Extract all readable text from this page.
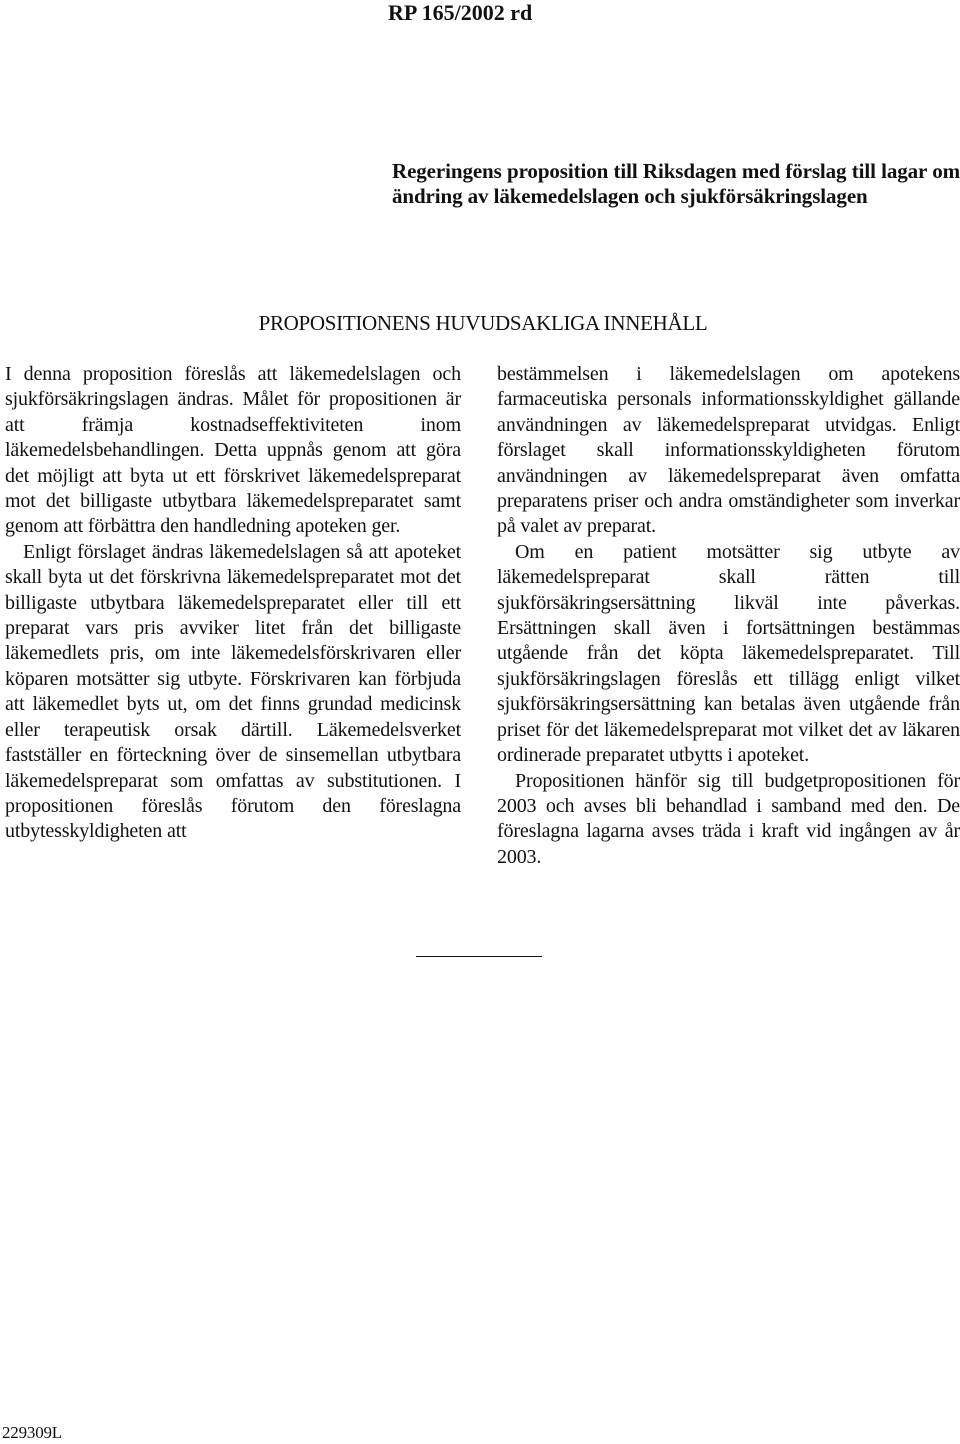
RP 165/2002 rd
Regeringens proposition till Riksdagen med förslag till lagar om ändring av läkemedelslagen och sjukförsäkringslagen
PROPOSITIONENS HUVUDSAKLIGA INNEHÅLL

I denna proposition föreslås att läkemedelslagen och sjukförsäkringslagen ändras. Målet för propositionen är att främja kostnadseffektiviteten inom läkemedelsbehandlingen. Detta uppnås genom att göra det möjligt att byta ut ett förskrivet läkemedelspreparat mot det billigaste utbytbara läkemedelspreparatet samt genom att förbättra den handledning apoteken ger.

Enligt förslaget ändras läkemedelslagen så att apoteket skall byta ut det förskrivna läkemedelspreparatet mot det billigaste utbytbara läkemedelspreparatet eller till ett preparat vars pris avviker litet från det billigaste läkemedlets pris, om inte läkemedelsförskrivaren eller köparen motsätter sig utbyte. Förskrivaren kan förbjuda att läkemedlet byts ut, om det finns grundad medicinsk eller terapeutisk orsak därtill. Läkemedelsverket fastställer en förteckning över de sinsemellan utbytbara läkemedelspreparat som omfattas av substitutionen. I propositionen föreslås förutom den föreslagna utbytesskyldigheten att

bestämmelsen i läkemedelslagen om apotekens farmaceutiska personals informationsskyldighet gällande användningen av läkemedelspreparat utvidgas. Enligt förslaget skall informationsskyldigheten förutom användningen av läkemedelspreparat även omfatta preparatens priser och andra omständigheter som inverkar på valet av preparat.

Om en patient motsätter sig utbyte av läkemedelspreparat skall rätten till sjukförsäkringsersättning likväl inte påverkas. Ersättningen skall även i fortsättningen bestämmas utgående från det köpta läkemedelspreparatet. Till sjukförsäkringslagen föreslås ett tillägg enligt vilket sjukförsäkringsersättning kan betalas även utgående från priset för det läkemedelspreparat mot vilket det av läkaren ordinerade preparatet utbytts i apoteket.

Propositionen hänför sig till budgetpropositionen för 2003 och avses bli behandlad i samband med den. De föreslagna lagarna avses träda i kraft vid ingången av år 2003.

229309L
